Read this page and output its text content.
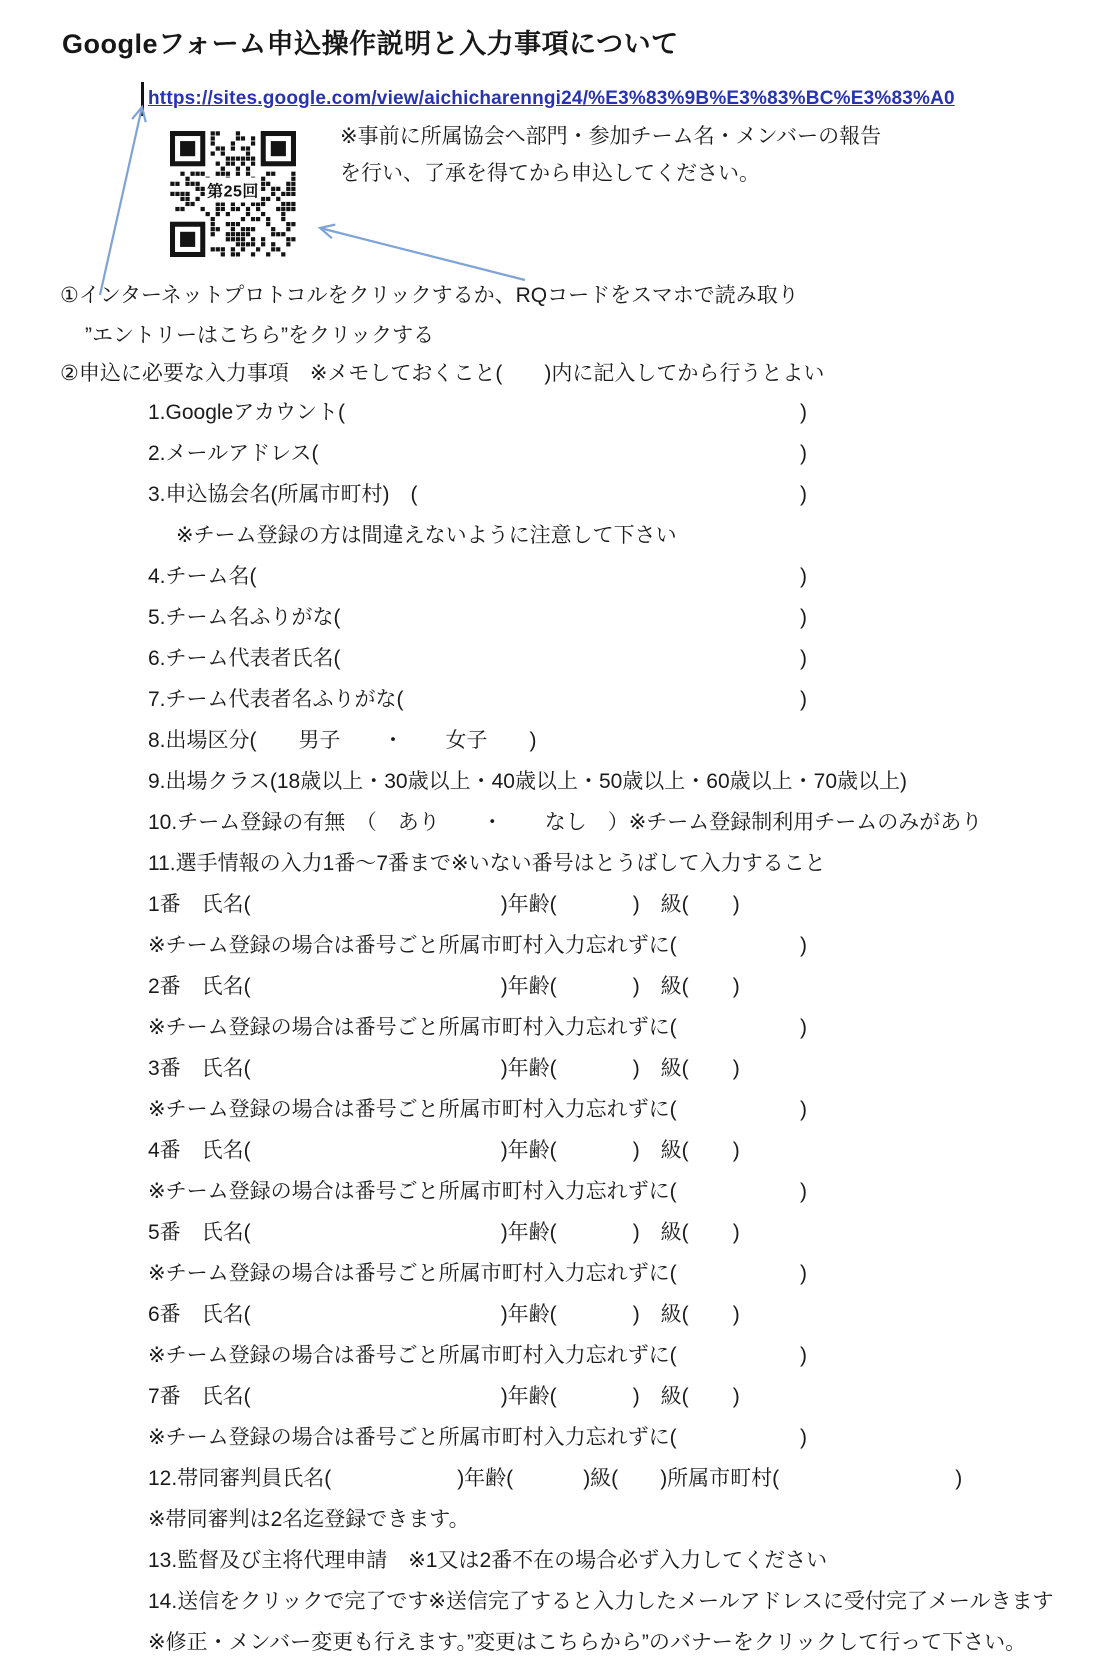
Googleフォーム申込操作説明と入力事項について
https://sites.google.com/view/aichicharenngi24/%E3%83%9B%E3%83%BC%E3%83%A0
第25回
※事前に所属協会へ部門・参加チーム名・メンバーの報告
を行い、了承を得てから申込してください。
①インターネットプロトコルをクリックするか、RQコードをスマホで読み取り
”エントリーはこちら”をクリックする
②申込に必要な入力事項　※メモしておくこと(　　)内に記入してから行うとよい
1.Googleアカウント(	)
2.メールアドレス(	)
3.申込協会名(所属市町村)　(	)
※チーム登録の方は間違えないように注意して下さい
4.チーム名(	)
5.チーム名ふりがな(	)
6.チーム代表者氏名(	)
7.チーム代表者名ふりがな(	)
8.出場区分(　　男子　　・　　女子　　)
9.出場クラス(18歳以上・30歳以上・40歳以上・50歳以上・60歳以上・70歳以上)
10.チーム登録の有無　（　あり　　・　　なし　）※チーム登録制利用チームのみがあり
11.選手情報の入力1番～7番まで※いない番号はとうばして入力すること
1番　氏名(	)年齢(	)　級( )
※チーム登録の場合は番号ごと所属市町村入力忘れずに(	)
2番　氏名(	)年齢(	)　級( )
※チーム登録の場合は番号ごと所属市町村入力忘れずに(	)
3番　氏名(	)年齢(	)　級( )
※チーム登録の場合は番号ごと所属市町村入力忘れずに(	)
4番　氏名(	)年齢(	)　級( )
※チーム登録の場合は番号ごと所属市町村入力忘れずに(	)
5番　氏名(	)年齢(	)　級( )
※チーム登録の場合は番号ごと所属市町村入力忘れずに(	)
6番　氏名(	)年齢(	)　級( )
※チーム登録の場合は番号ごと所属市町村入力忘れずに(	)
7番　氏名(	)年齢(	)　級( )
※チーム登録の場合は番号ごと所属市町村入力忘れずに(	)
12.帯同審判員氏名(	)年齢(	)級( )所属市町村(	)
※帯同審判は2名迄登録できます。
13.監督及び主将代理申請　※1又は2番不在の場合必ず入力してください
14.送信をクリックで完了です※送信完了すると入力したメールアドレスに受付完了メールきます
※修正・メンバー変更も行えます。”変更はこちらから”のバナーをクリックして行って下さい。
